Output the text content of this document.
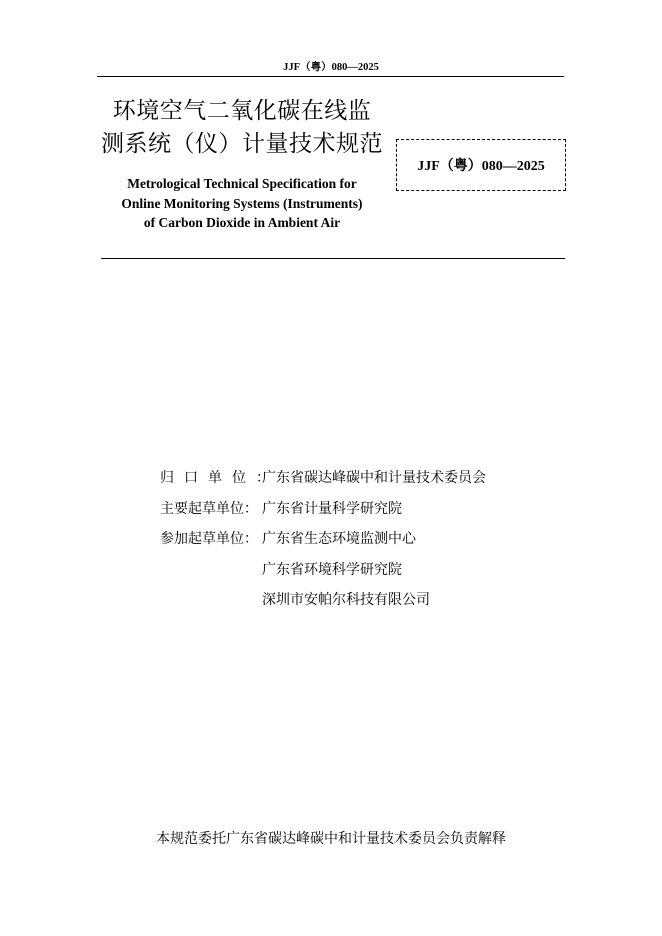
JJF（粤）080—2025
环境空气二氧化碳在线监
测系统（仪）计量技术规范
JJF（粤）080—2025
Metrological Technical Specification for
Online Monitoring Systems (Instruments)
of Carbon Dioxide in Ambient Air
归口单位：
广东省碳达峰碳中和计量技术委员会
主要起草单位： 广东省计量科学研究院
参加起草单位： 广东省生态环境监测中心
广东省环境科学研究院
深圳市安帕尔科技有限公司
本规范委托广东省碳达峰碳中和计量技术委员会负责解释
